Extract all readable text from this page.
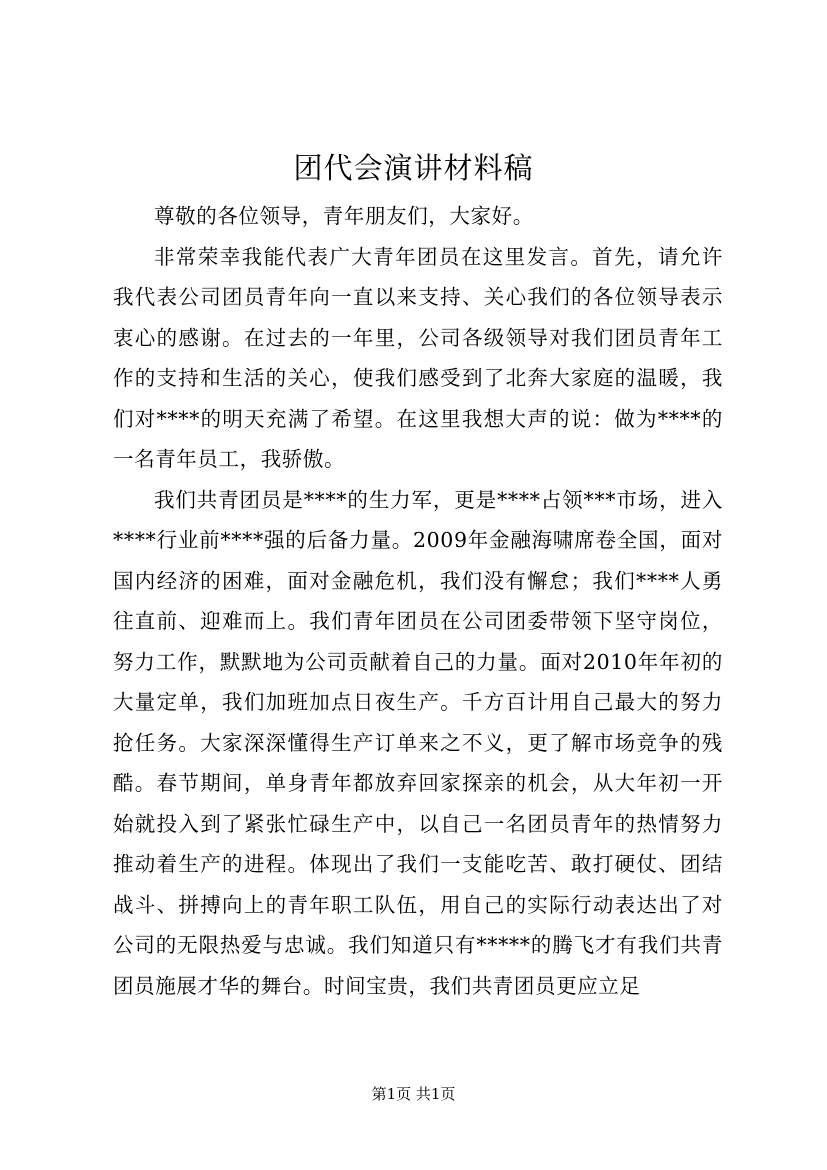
团代会演讲材料稿

尊敬的各位领导，青年朋友们，大家好。

非常荣幸我能代表广大青年团员在这里发言。首先，请允许我代表公司团员青年向一直以来支持、关心我们的各位领导表示衷心的感谢。在过去的一年里，公司各级领导对我们团员青年工作的支持和生活的关心，使我们感受到了北奔大家庭的温暖，我们对****的明天充满了希望。在这里我想大声的说：做为****的一名青年员工，我骄傲。

我们共青团员是****的生力军，更是****占领***市场，进入****行业前****强的后备力量。2009年金融海啸席卷全国，面对国内经济的困难，面对金融危机，我们没有懈怠；我们****人勇往直前、迎难而上。我们青年团员在公司团委带领下坚守岗位，努力工作，默默地为公司贡献着自己的力量。面对2010年年初的大量定单，我们加班加点日夜生产。千方百计用自己最大的努力抢任务。大家深深懂得生产订单来之不义，更了解市场竞争的残酷。春节期间，单身青年都放弃回家探亲的机会，从大年初一开始就投入到了紧张忙碌生产中，以自己一名团员青年的热情努力推动着生产的进程。体现出了我们一支能吃苦、敢打硬仗、团结战斗、拼搏向上的青年职工队伍，用自己的实际行动表达出了对公司的无限热爱与忠诚。我们知道只有*****的腾飞才有我们共青团员施展才华的舞台。时间宝贵，我们共青团员更应立足

第1页 共1页
